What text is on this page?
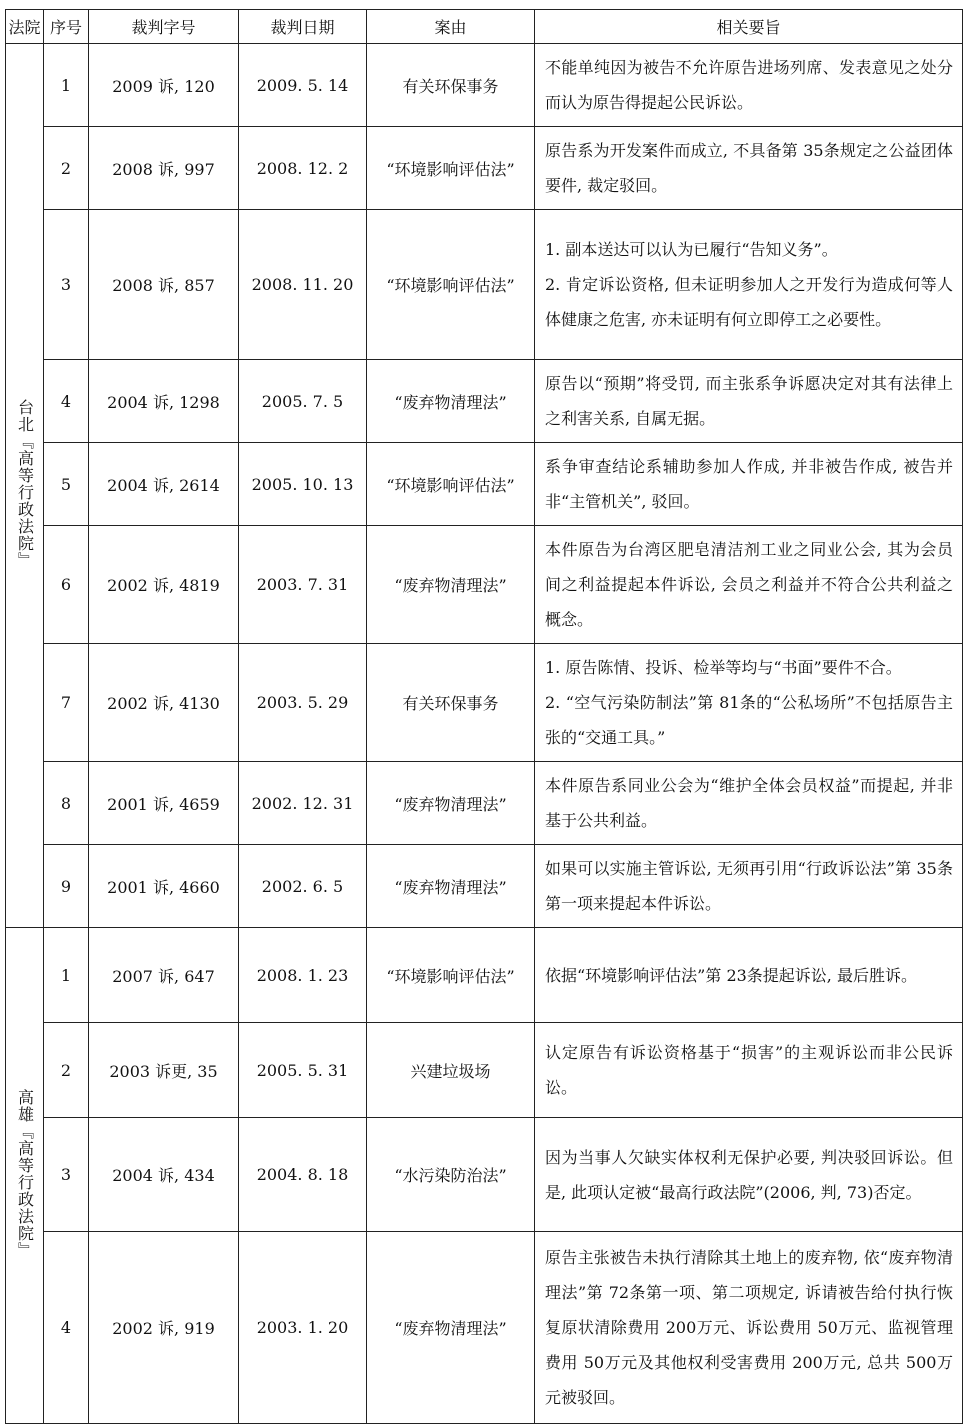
法院	序号	裁判字号	裁判日期	案由	相关要旨
台北『高等行政法院』	1	2009 诉, 120	2009. 5. 14	有关环保事务	不能单纯因为被告不允许原告进场列席、发表意见之处分而认为原告得提起公民诉讼。

	2	2008 诉, 997	2008. 12. 2	“环境影响评估法”	原告系为开发案件而成立, 不具备第 35条规定之公益团体要件, 裁定驳回。

	3	2008 诉, 857	2008. 11. 20	“环境影响评估法”	1. 副本送达可以认为已履行“告知义务”。
2. 肯定诉讼资格, 但未证明参加人之开发行为造成何等人体健康之危害, 亦未证明有何立即停工之必要性。

	4	2004 诉, 1298	2005. 7. 5	“废弃物清理法”	原告以“预期”将受罚, 而主张系争诉愿决定对其有法律上之利害关系, 自属无据。

	5	2004 诉, 2614	2005. 10. 13	“环境影响评估法”	系争审查结论系辅助参加人作成, 并非被告作成, 被告并非“主管机关”, 驳回。

	6	2002 诉, 4819	2003. 7. 31	“废弃物清理法”	本件原告为台湾区肥皂清洁剂工业之同业公会, 其为会员间之利益提起本件诉讼, 会员之利益并不符合公共利益之概念。

	7	2002 诉, 4130	2003. 5. 29	有关环保事务	1. 原告陈情、投诉、检举等均与“书面”要件不合。
2. “空气污染防制法”第 81条的“公私场所”不包括原告主张的“交通工具。”

	8	2001 诉, 4659	2002. 12. 31	“废弃物清理法”	本件原告系同业公会为“维护全体会员权益”而提起, 并非基于公共利益。

	9	2001 诉, 4660	2002. 6. 5	“废弃物清理法”	如果可以实施主管诉讼, 无须再引用“行政诉讼法”第 35条第一项来提起本件诉讼。

高雄『高等行政法院』	1	2007 诉, 647	2008. 1. 23	“环境影响评估法”	依据“环境影响评估法”第 23条提起诉讼, 最后胜诉。

	2	2003 诉更, 35	2005. 5. 31	兴建垃圾场	认定原告有诉讼资格基于“损害”的主观诉讼而非公民诉讼。

	3	2004 诉, 434	2004. 8. 18	“水污染防治法”	因为当事人欠缺实体权利无保护必要, 判决驳回诉讼。但是, 此项认定被“最高行政法院”(2006, 判, 73)否定。

	4	2002 诉, 919	2003. 1. 20	“废弃物清理法”	原告主张被告未执行清除其土地上的废弃物, 依“废弃物清理法”第 72条第一项、第二项规定, 诉请被告给付执行恢复原状清除费用 200万元、诉讼费用 50万元、监视管理费用 50万元及其他权利受害费用 200万元, 总共 500万元被驳回。
